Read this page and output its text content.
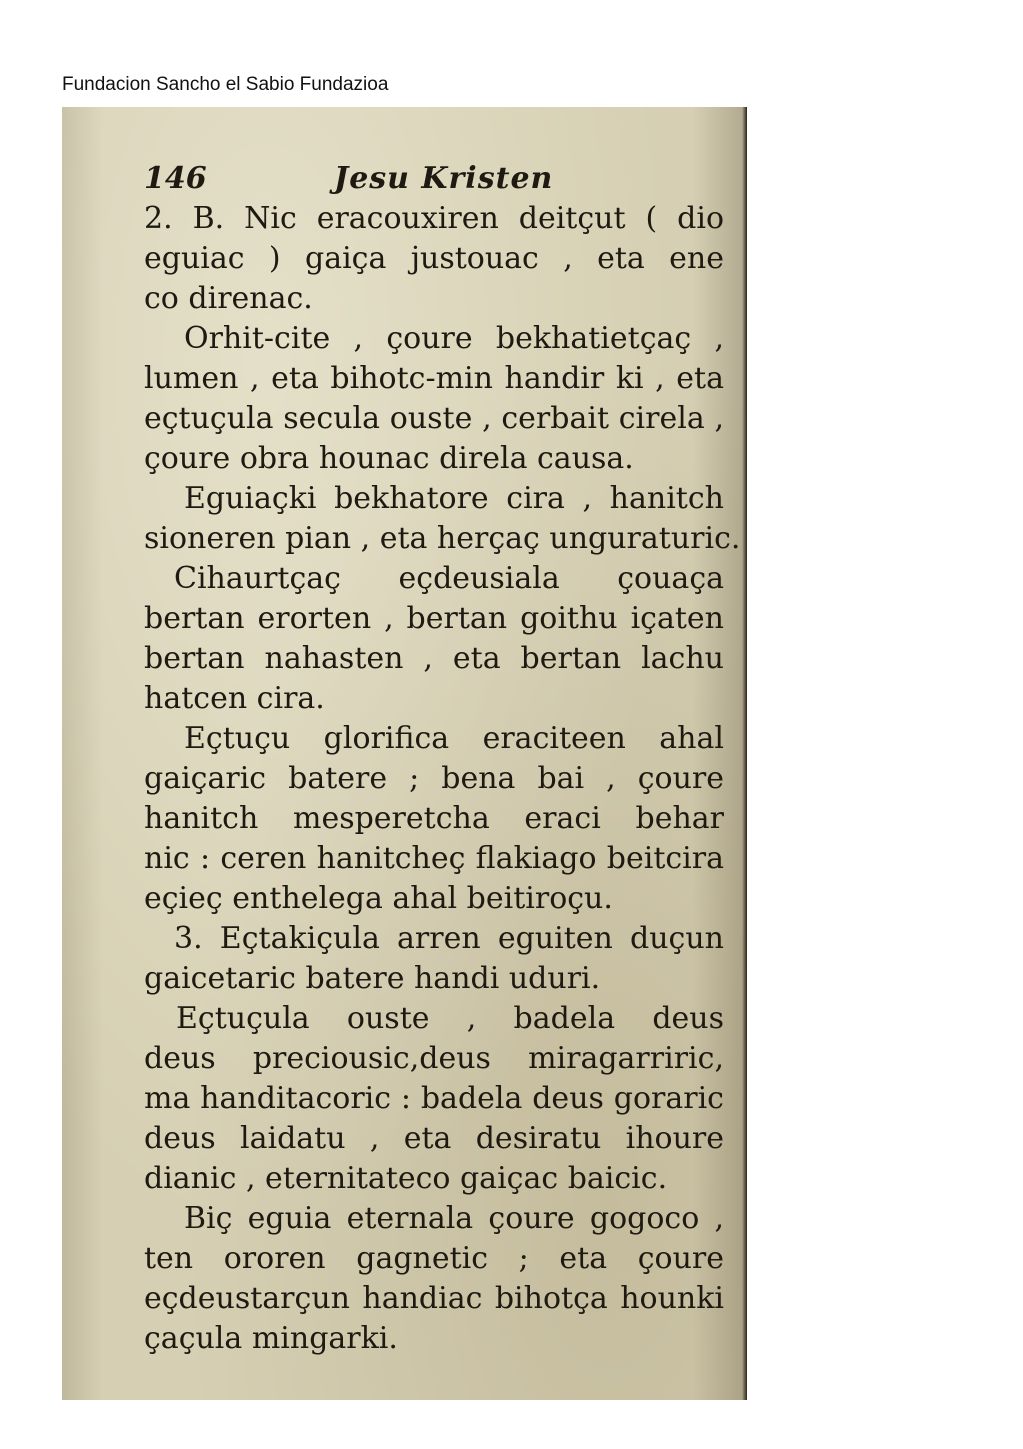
Fundacion Sancho el Sabio Fundazioa
146	Jesu Kristen
2. B. Nic eracouxiren deitçut ( dio
eguiac ) gaiça justouac , eta ene
co direnac.
Orhit-cite , çoure bekhatietçaç ,
lumen , eta bihotc-min handir ki , eta
eçtuçula secula ouste , cerbait cirela ,
çoure obra hounac direla causa.
Eguiaçki bekhatore cira , hanitch
sioneren pian , eta herçaç unguraturic.
Cihaurtçaç eçdeusiala çouaça
bertan erorten , bertan goithu içaten
bertan nahasten , eta bertan lachu
hatcen cira.
Eçtuçu glorifica eraciteen ahal
gaiçaric batere ; bena bai , çoure
hanitch mesperetcha eraci behar
nic : ceren hanitcheç flakiago beitcira
eçieç enthelega ahal beitiroçu.
3. Eçtakiçula arren eguiten duçun
gaicetaric batere handi uduri.
Eçtuçula ouste , badela deus
deus preciousic,deus miragarriric,
ma handitacoric : badela deus goraric
deus laidatu , eta desiratu ihoure
dianic , eternitateco gaiçac baicic.
Biç eguia eternala çoure gogoco ,
ten ororen gagnetic ; eta çoure
eçdeustarçun handiac bihotça hounki
çaçula mingarki.
